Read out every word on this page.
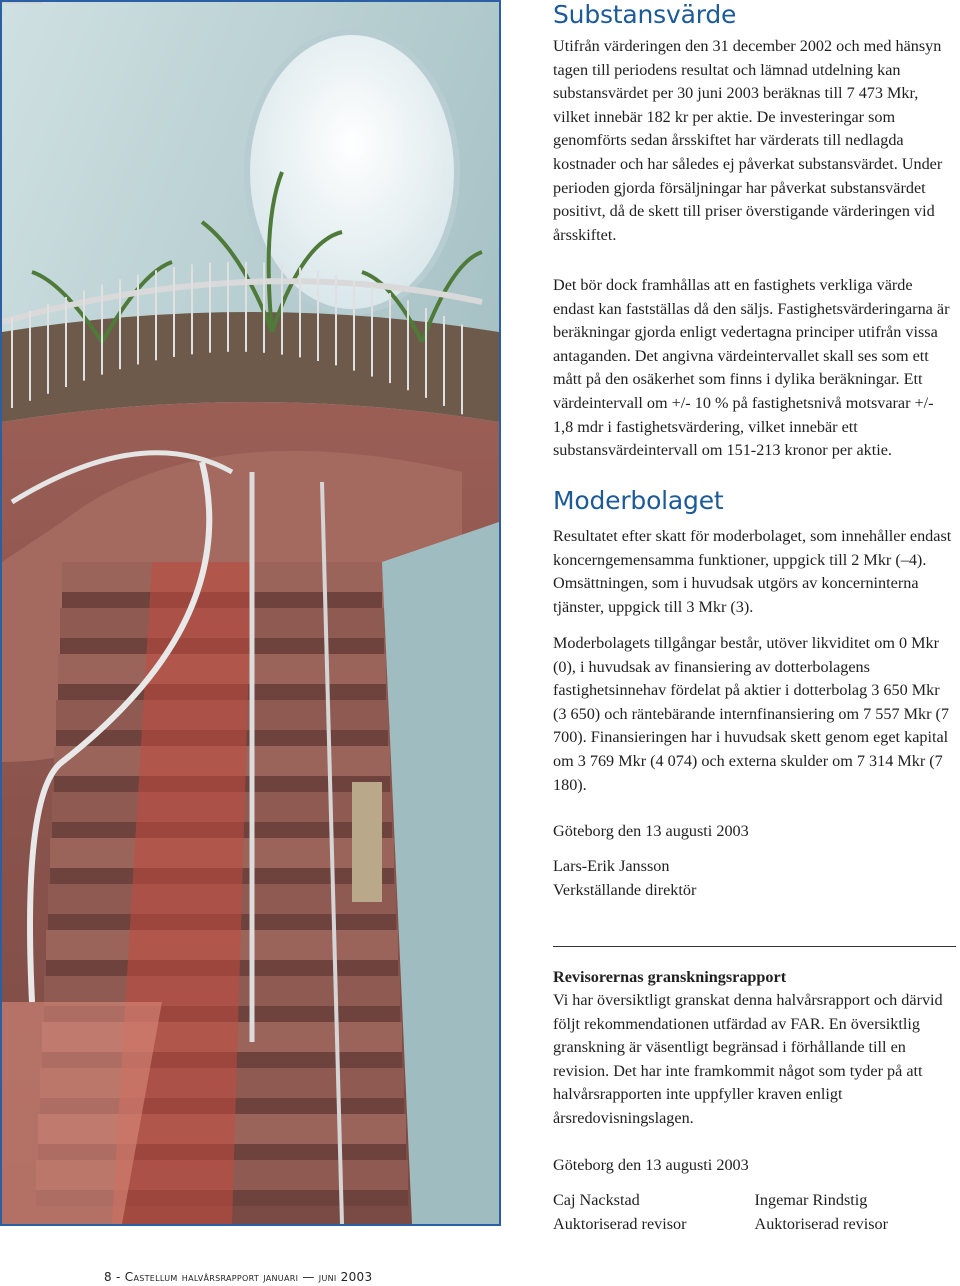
Substansvärde

Utifrån värderingen den 31 december 2002 och med hänsyn tagen till periodens resultat och lämnad utdelning kan substansvärdet per 30 juni 2003 beräknas till 7 473 Mkr, vilket innebär 182 kr per aktie. De investeringar som genomförts sedan årsskiftet har värderats till nedlagda kostnader och har således ej påverkat substansvärdet. Under perioden gjorda försäljningar har påverkat substansvärdet positivt, då de skett till priser överstigande värderingen vid årsskiftet.

Det bör dock framhållas att en fastighets verkliga värde endast kan fastställas då den säljs. Fastighetsvärderingarna är beräkningar gjorda enligt vedertagna principer utifrån vissa antaganden. Det angivna värdeintervallet skall ses som ett mått på den osäkerhet som finns i dylika beräkningar. Ett värdeintervall om +/- 10 % på fastighetsnivå motsvarar +/- 1,8 mdr i fastighetsvärdering, vilket innebär ett substansvärdeintervall om 151-213 kronor per aktie.

Moderbolaget

Resultatet efter skatt för moderbolaget, som innehåller endast koncerngemensamma funktioner, uppgick till 2 Mkr (–4). Omsättningen, som i huvudsak utgörs av koncerninterna tjänster, uppgick till 3 Mkr (3).

Moderbolagets tillgångar består, utöver likviditet om 0 Mkr (0), i huvudsak av finansiering av dotterbolagens fastighetsinnehav fördelat på aktier i dotterbolag 3 650 Mkr (3 650) och räntebärande internfinansiering om 7 557 Mkr (7 700). Finansieringen har i huvudsak skett genom eget kapital om 3 769 Mkr (4 074) och externa skulder om 7 314 Mkr (7 180).

Göteborg den 13 augusti 2003

Lars-Erik Jansson

Verkställande direktör

Revisorernas granskningsrapport

Vi har översiktligt granskat denna halvårsrapport och därvid följt rekommendationen utfärdad av FAR. En översiktlig granskning är väsentligt begränsad i förhållande till en revision. Det har inte framkommit något som tyder på att halvårsrapporten inte uppfyller kraven enligt årsredovisningslagen.

Göteborg den 13 augusti 2003

Caj Nackstad

Auktoriserad revisor

Ingemar Rindstig

Auktoriserad revisor

8 - Castellum halvårsrapport januari — juni 2003
